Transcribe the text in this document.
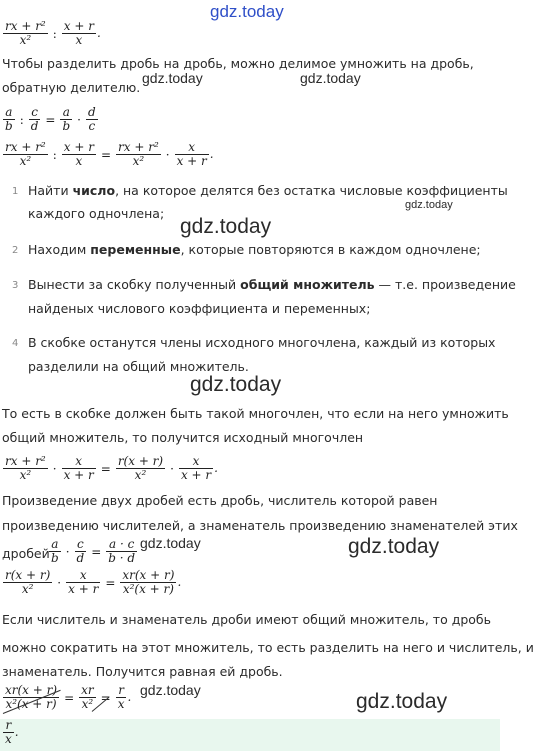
gdz.today
gdz.today	gdz.today
gdz.today
gdz.today
gdz.today
gdz.today	gdz.today
gdz.today	gdz.today
$\frac{\text{rx + r²}}{\text{x²}}$ : $\frac{x + r}{x}$ .
Чтобы разделить дробь на дробь, можно делимое умножить на дробь,
обратную делителю.
$\frac{a}{b}$ : $\frac{c}{d} = \frac{a}{b} \cdot \frac{d}{c}$
$\frac{\text{rx + r²}}{\text{x²}}$ : $\frac{x + r}{x} = \frac{\text{rx + r²}}{\text{x²}} \cdot \frac{x}{x + r}$ .
1 Найти число, на которое делятся без остатка числовые коэффициенты
каждого одночлена;
2 Находим переменные, которые повторяются в каждом одночлене;
3 Вынести за скобку полученный общий множитель — т.е. произведение
найденых числового коэффициента и переменных;
4 В скобке останутся члены исходного многочлена, каждый из которых
разделили на общий множитель.
То есть в скобке должен быть такой многочлен, что если на него умножить
общий множитель, то получится исходный многочлен
$\frac{\text{rx + r²}}{\text{x²}} \cdot \frac{x}{x + r} = \frac{r(x + r)}{\text{x²}} \cdot \frac{x}{x + r}$ .
Произведение двух дробей есть дробь, числитель которой равен
произведению числителей, а знаменатель произведению знаменателей этих
дробей $\frac{a}{b} \cdot \frac{c}{d} = \frac{a \cdot c}{b \cdot d}$
$\frac{r(x + r)}{\text{x²}} \cdot \frac{x}{x + r} = \frac{xr(x + r)}{\text{x²(x + r)}}$ .
Если числитель и знаменатель дроби имеют общий множитель, то дробь
можно сократить на этот множитель, то есть разделить на него и числитель, и
знаменатель. Получится равная ей дробь.
$\frac{xr(x + r)}{\text{x²(x + r)}} = \frac{xr}{\text{x²}} = \frac{r}{x}$ .
$\frac{r}{x}$ .
